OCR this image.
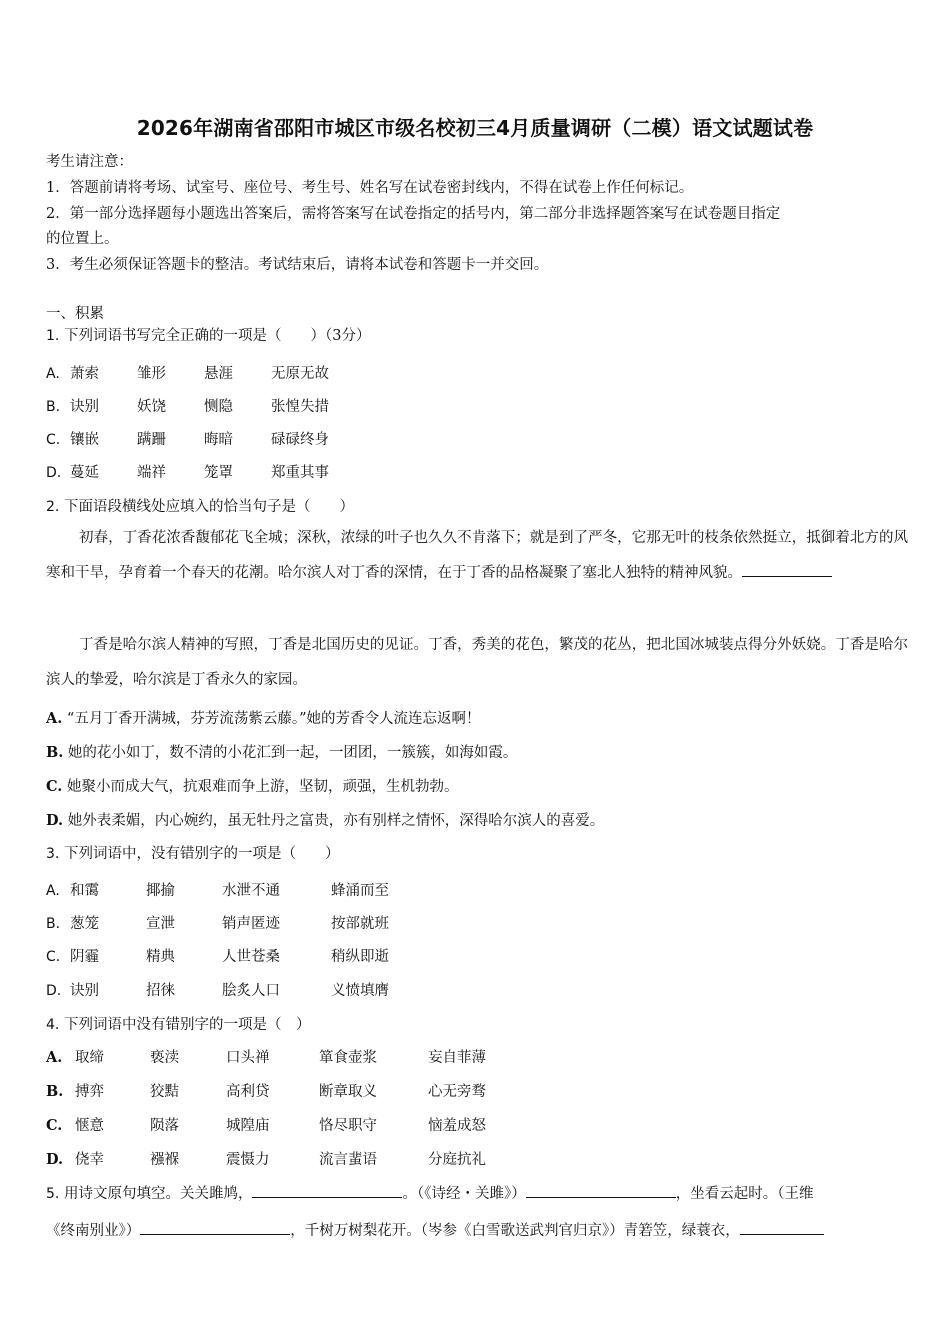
2026年湖南省邵阳市城区市级名校初三4月质量调研（二模）语文试题试卷
考生请注意：
1．答题前请将考场、试室号、座位号、考生号、姓名写在试卷密封线内，不得在试卷上作任何标记。
2．第一部分选择题每小题选出答案后，需将答案写在试卷指定的括号内，第二部分非选择题答案写在试卷题目指定
的位置上。
3．考生必须保证答题卡的整洁。考试结束后，请将本试卷和答题卡一并交回。
一、积累
1. 下列词语书写完全正确的一项是（　　）（3分）
A. 萧索	雏形	悬涯	无原无故
B. 诀别	妖饶	恻隐	张惶失措
C. 镶嵌	蹒跚	晦暗	碌碌终身
D. 蔓延	端祥	笼罩	郑重其事
2. 下面语段横线处应填入的恰当句子是（　　）
初春，丁香花浓香馥郁花飞全城；深秋，浓绿的叶子也久久不肯落下；就是到了严冬，它那无叶的枝条依然挺立，抵御着北方的风寒和干旱，孕育着一个春天的花潮。哈尔滨人对丁香的深情，在于丁香的品格凝聚了塞北人独特的精神风貌。
丁香是哈尔滨人精神的写照，丁香是北国历史的见证。丁香，秀美的花色，繁茂的花丛，把北国冰城装点得分外妖娆。丁香是哈尔滨人的挚爱，哈尔滨是丁香永久的家园。
A. “五月丁香开满城，芬芳流荡紫云藤。”她的芳香令人流连忘返啊！
B. 她的花小如丁，数不清的小花汇到一起，一团团，一簇簇，如海如霞。
C. 她聚小而成大气，抗艰难而争上游，坚韧，顽强，生机勃勃。
D. 她外表柔媚，内心婉约，虽无牡丹之富贵，亦有别样之情怀，深得哈尔滨人的喜爱。
3. 下列词语中，没有错别字的一项是（　　）
A. 和霭	揶揄	水泄不通	蜂涌而至
B. 葱笼	宣泄	销声匿迹	按部就班
C. 阴霾	精典	人世苍桑	稍纵即逝
D. 诀别	招徕	脍炙人口	义愤填膺
4. 下列词语中没有错别字的一项是（　）
A. 取缔	亵渎	口头禅	箪食壶浆	妄自菲薄
B. 搏弈	狡黠	高利贷	断章取义	心无旁骛
C. 惬意	陨落	城隍庙	恪尽职守	恼羞成怒
D. 侥幸	襁褓	震慑力	流言蜚语	分庭抗礼
5. 用诗文原句填空。关关雎鸠，	。（《诗经・关雎》）	，坐看云起时。（王维
《终南别业》）	，千树万树梨花开。（岑参《白雪歌送武判官归京》）青箬笠，绿蓑衣，
